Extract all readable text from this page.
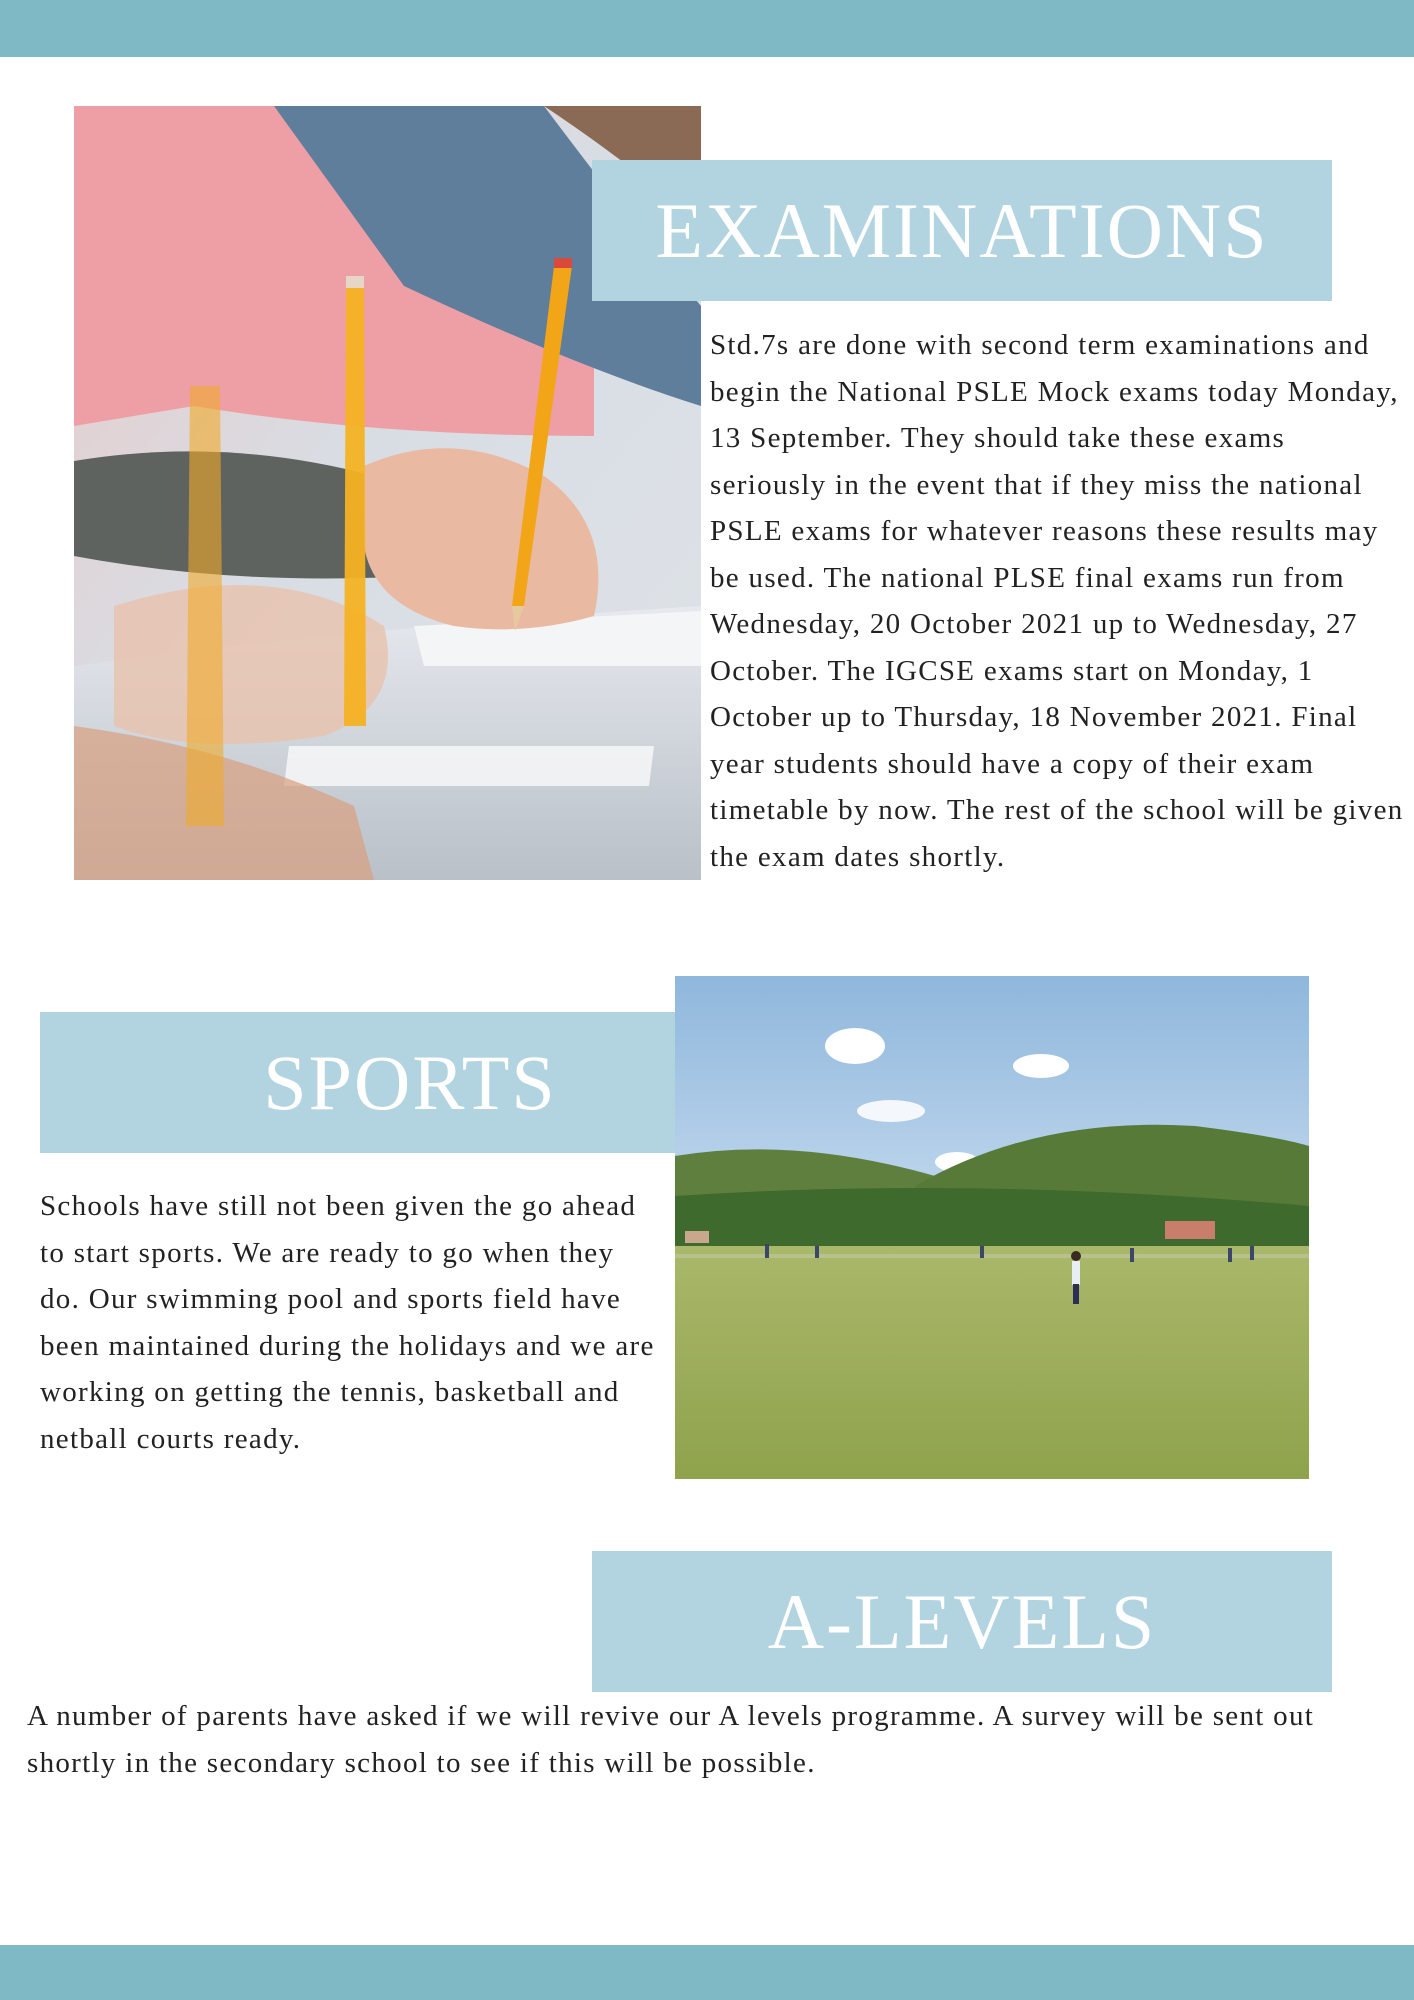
EXAMINATIONS

Std.7s are done with second term examinations and begin the National PSLE Mock exams today Monday, 13 September. They should take these exams seriously in the event that if they miss the national PSLE exams for whatever reasons these results may be used. The national PLSE final exams run from Wednesday, 20 October 2021 up to Wednesday, 27 October. The IGCSE exams start on Monday, 1 October up to Thursday, 18 November 2021. Final year students should have a copy of their exam timetable by now. The rest of the school will be given the exam dates shortly.

SPORTS

Schools have still not been given the go ahead to start sports. We are ready to go when they do. Our swimming pool and sports field have been maintained during the holidays and we are working on getting the tennis, basketball and netball courts ready.

A-LEVELS

A number of parents have asked if we will revive our A levels programme. A survey will be sent out shortly in the secondary school to see if this will be possible.
